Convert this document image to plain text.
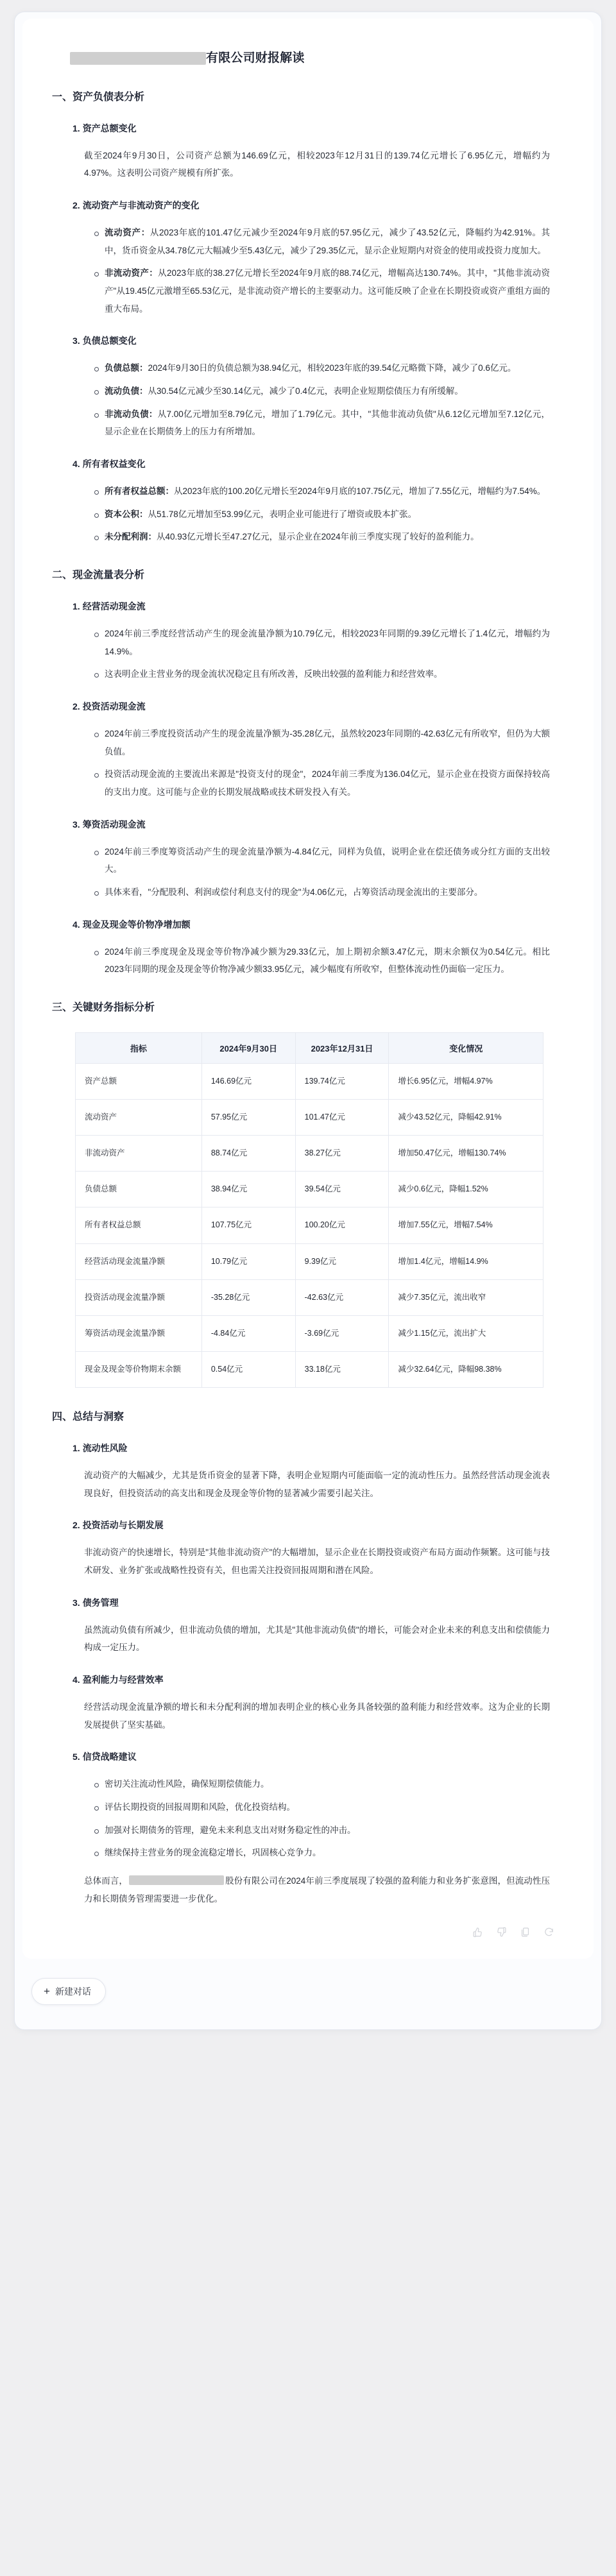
有限公司财报解读
一、资产负债表分析
1. 资产总额变化

截至2024年9月30日，公司资产总额为146.69亿元，相较2023年12月31日的139.74亿元增长了6.95亿元，增幅约为4.97%。这表明公司资产规模有所扩张。

2. 流动资产与非流动资产的变化
流动资产：从2023年底的101.47亿元减少至2024年9月底的57.95亿元，减少了43.52亿元，降幅约为42.91%。其中，货币资金从34.78亿元大幅减少至5.43亿元，减少了29.35亿元，显示企业短期内对资金的使用或投资力度加大。
非流动资产：从2023年底的38.27亿元增长至2024年9月底的88.74亿元，增幅高达130.74%。其中，"其他非流动资产"从19.45亿元激增至65.53亿元，是非流动资产增长的主要驱动力。这可能反映了企业在长期投资或资产重组方面的重大布局。
3. 负债总额变化
负债总额：2024年9月30日的负债总额为38.94亿元，相较2023年底的39.54亿元略微下降，减少了0.6亿元。
流动负债：从30.54亿元减少至30.14亿元，减少了0.4亿元，表明企业短期偿债压力有所缓解。
非流动负债：从7.00亿元增加至8.79亿元，增加了1.79亿元。其中，"其他非流动负债"从6.12亿元增加至7.12亿元，显示企业在长期债务上的压力有所增加。
4. 所有者权益变化
所有者权益总额：从2023年底的100.20亿元增长至2024年9月底的107.75亿元，增加了7.55亿元，增幅约为7.54%。
资本公积：从51.78亿元增加至53.99亿元，表明企业可能进行了增资或股本扩张。
未分配利润：从40.93亿元增长至47.27亿元，显示企业在2024年前三季度实现了较好的盈利能力。
二、现金流量表分析
1. 经营活动现金流
2024年前三季度经营活动产生的现金流量净额为10.79亿元，相较2023年同期的9.39亿元增长了1.4亿元，增幅约为14.9%。
这表明企业主营业务的现金流状况稳定且有所改善，反映出较强的盈利能力和经营效率。
2. 投资活动现金流
2024年前三季度投资活动产生的现金流量净额为-35.28亿元，虽然较2023年同期的-42.63亿元有所收窄，但仍为大额负值。
投资活动现金流的主要流出来源是"投资支付的现金"，2024年前三季度为136.04亿元，显示企业在投资方面保持较高的支出力度。这可能与企业的长期发展战略或技术研发投入有关。
3. 筹资活动现金流
2024年前三季度筹资活动产生的现金流量净额为-4.84亿元，同样为负值，说明企业在偿还债务或分红方面的支出较大。
具体来看，"分配股利、利润或偿付利息支付的现金"为4.06亿元，占筹资活动现金流出的主要部分。
4. 现金及现金等价物净增加额
2024年前三季度现金及现金等价物净减少额为29.33亿元，加上期初余额3.47亿元，期末余额仅为0.54亿元。相比2023年同期的现金及现金等价物净减少额33.95亿元，减少幅度有所收窄，但整体流动性仍面临一定压力。
三、关键财务指标分析
指标	2024年9月30日	2023年12月31日	变化情况
资产总额	146.69亿元	139.74亿元	增长6.95亿元，增幅4.97%
流动资产	57.95亿元	101.47亿元	减少43.52亿元，降幅42.91%
非流动资产	88.74亿元	38.27亿元	增加50.47亿元，增幅130.74%
负债总额	38.94亿元	39.54亿元	减少0.6亿元，降幅1.52%
所有者权益总额	107.75亿元	100.20亿元	增加7.55亿元，增幅7.54%
经营活动现金流量净额	10.79亿元	9.39亿元	增加1.4亿元，增幅14.9%
投资活动现金流量净额	-35.28亿元	-42.63亿元	减少7.35亿元，流出收窄
筹资活动现金流量净额	-4.84亿元	-3.69亿元	减少1.15亿元，流出扩大
现金及现金等价物期末余额	0.54亿元	33.18亿元	减少32.64亿元，降幅98.38%
四、总结与洞察
1. 流动性风险

流动资产的大幅减少，尤其是货币资金的显著下降，表明企业短期内可能面临一定的流动性压力。虽然经营活动现金流表现良好，但投资活动的高支出和现金及现金等价物的显著减少需要引起关注。

2. 投资活动与长期发展

非流动资产的快速增长，特别是"其他非流动资产"的大幅增加，显示企业在长期投资或资产布局方面动作频繁。这可能与技术研发、业务扩张或战略性投资有关，但也需关注投资回报周期和潜在风险。

3. 债务管理

虽然流动负债有所减少，但非流动负债的增加，尤其是"其他非流动负债"的增长，可能会对企业未来的利息支出和偿债能力构成一定压力。

4. 盈利能力与经营效率

经营活动现金流量净额的增长和未分配利润的增加表明企业的核心业务具备较强的盈利能力和经营效率。这为企业的长期发展提供了坚实基础。

5. 信贷战略建议
密切关注流动性风险，确保短期偿债能力。
评估长期投资的回报周期和风险，优化投资结构。
加强对长期债务的管理，避免未来利息支出对财务稳定性的冲击。
继续保持主营业务的现金流稳定增长，巩固核心竞争力。

总体而言，	股份有限公司在2024年前三季度展现了较强的盈利能力和业务扩张意图，但流动性压力和长期债务管理需要进一步优化。

+ 新建对话
